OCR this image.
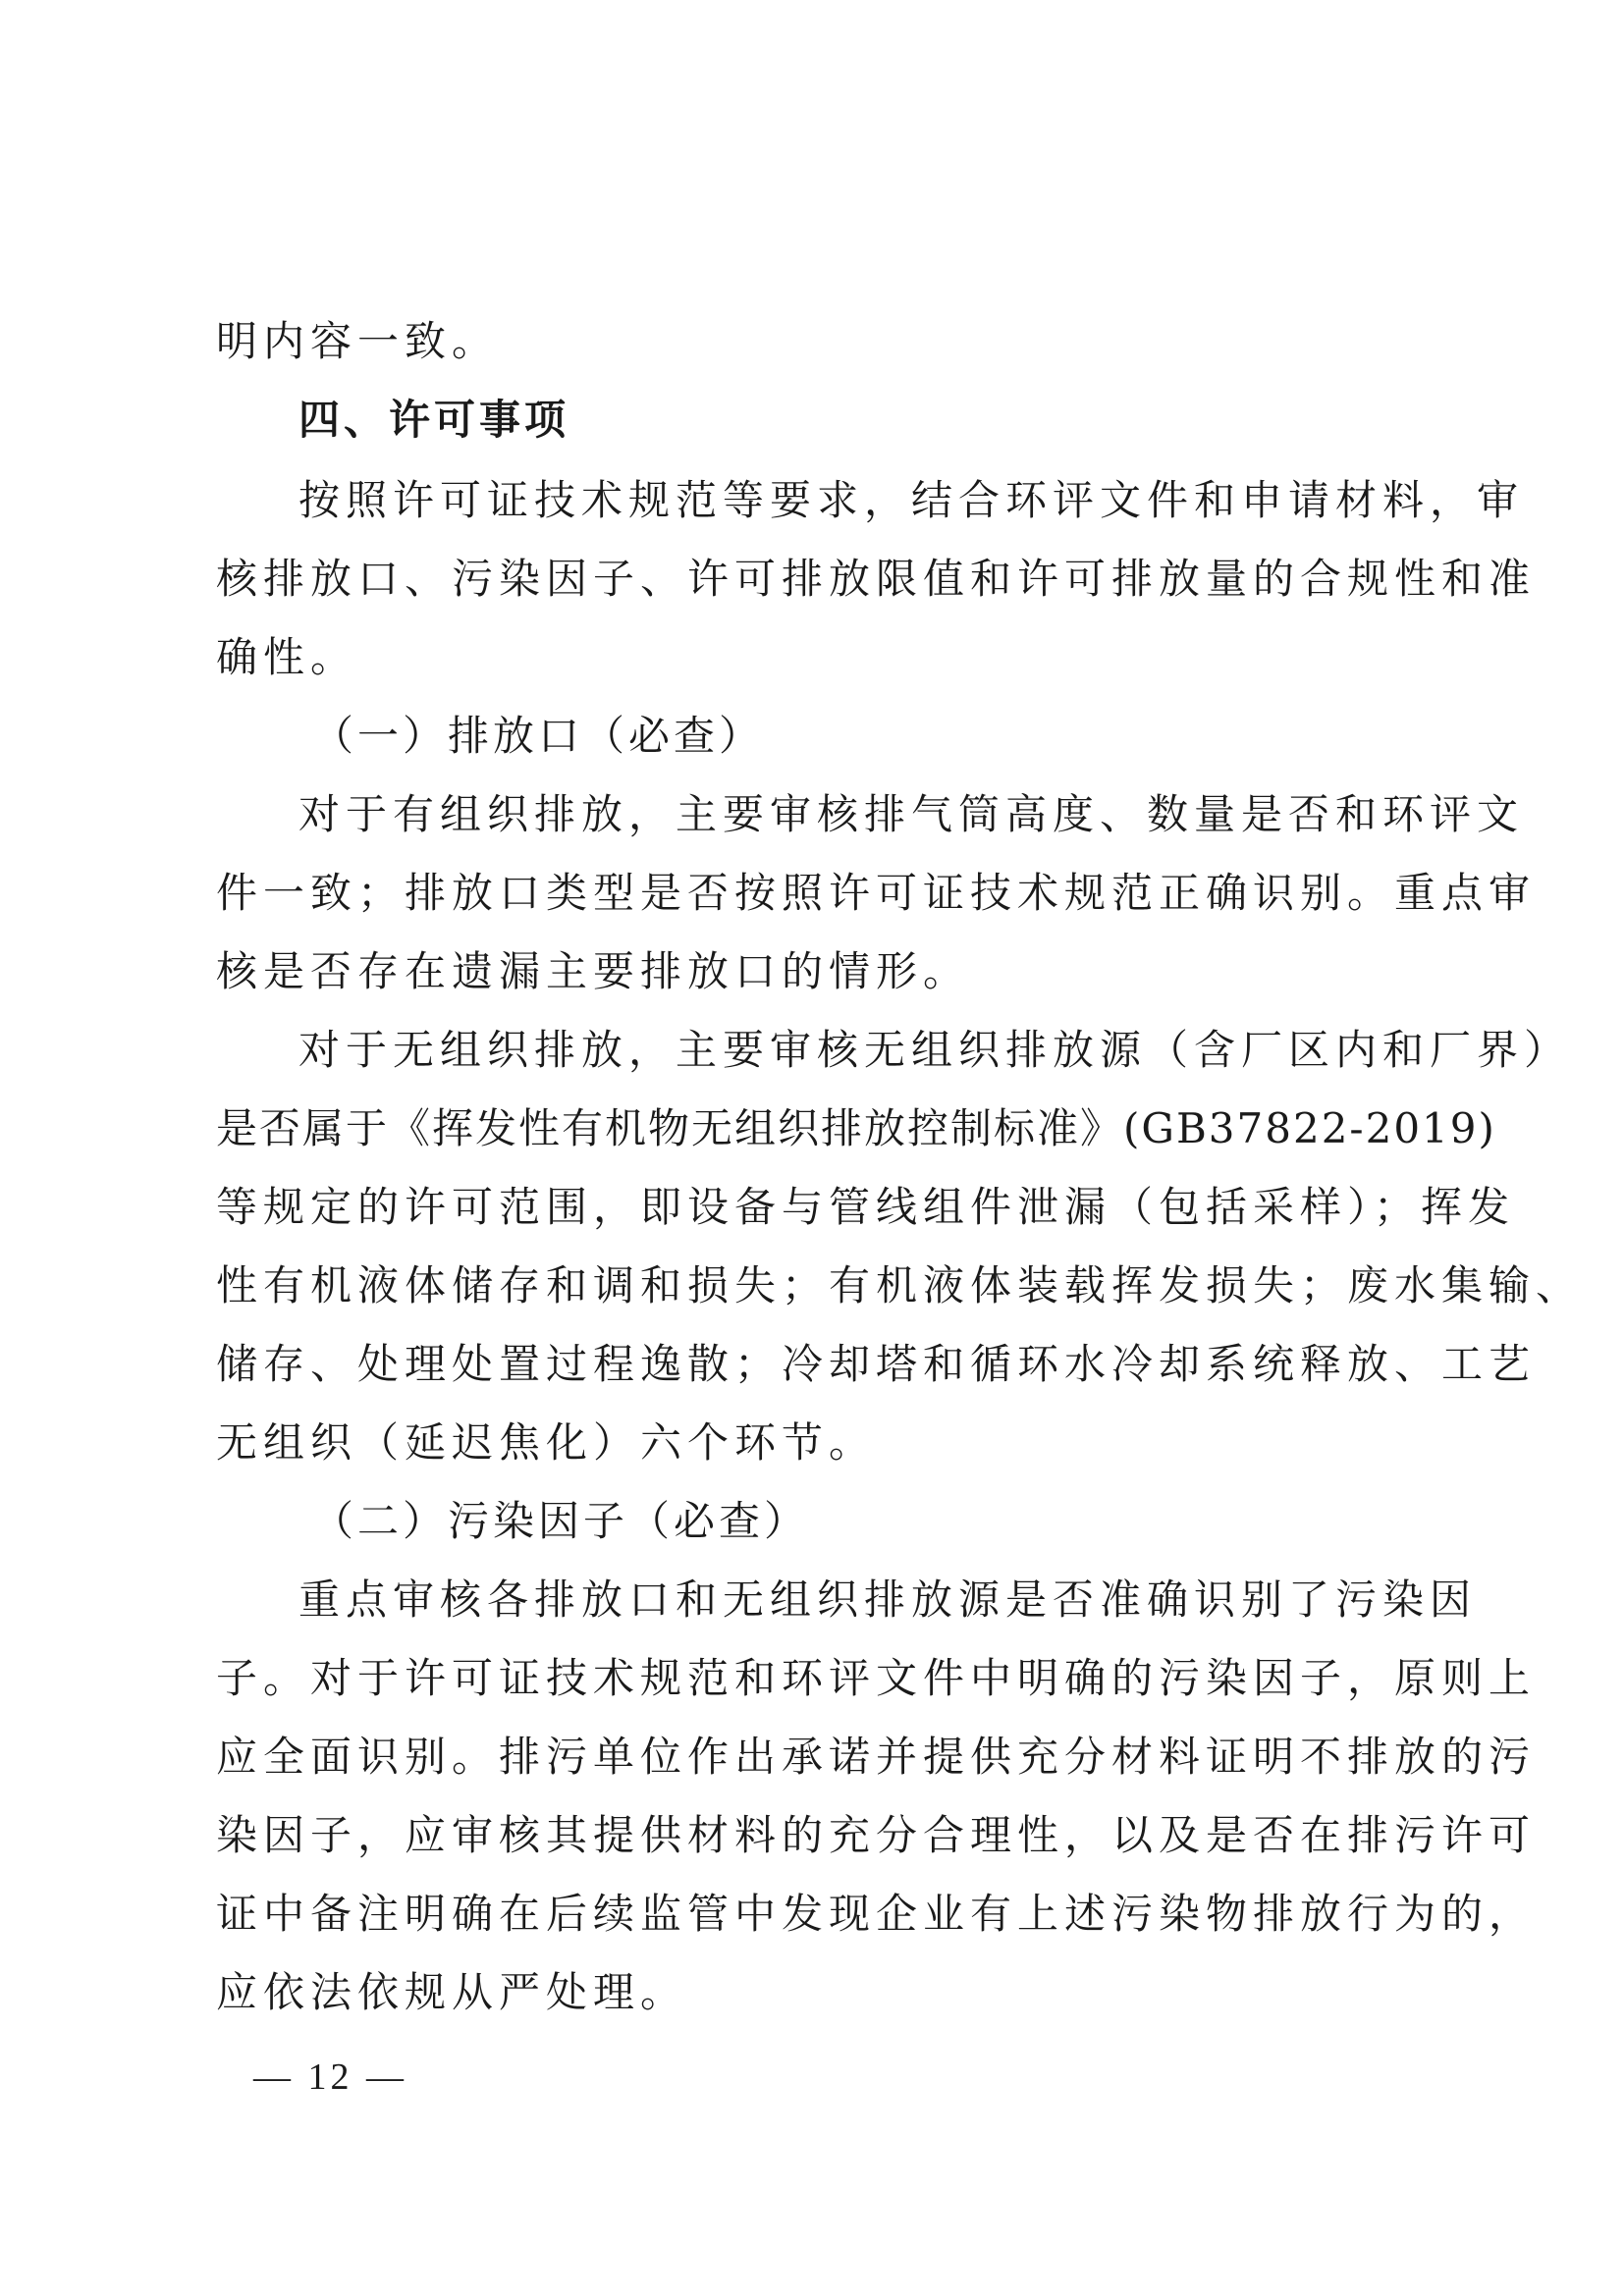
明内容一致。
四、许可事项
按照许可证技术规范等要求，结合环评文件和申请材料，审
核排放口、污染因子、许可排放限值和许可排放量的合规性和准
确性。
（一）排放口（必查）
对于有组织排放，主要审核排气筒高度、数量是否和环评文
件一致；排放口类型是否按照许可证技术规范正确识别。重点审
核是否存在遗漏主要排放口的情形。
对于无组织排放，主要审核无组织排放源（含厂区内和厂界）
是否属于《挥发性有机物无组织排放控制标准》(GB37822-2019)
等规定的许可范围，即设备与管线组件泄漏（包括采样）；挥发
性有机液体储存和调和损失；有机液体装载挥发损失；废水集输、
储存、处理处置过程逸散；冷却塔和循环水冷却系统释放、工艺
无组织（延迟焦化）六个环节。
（二）污染因子（必查）
重点审核各排放口和无组织排放源是否准确识别了污染因
子。对于许可证技术规范和环评文件中明确的污染因子，原则上
应全面识别。排污单位作出承诺并提供充分材料证明不排放的污
染因子，应审核其提供材料的充分合理性，以及是否在排污许可
证中备注明确在后续监管中发现企业有上述污染物排放行为的，
应依法依规从严处理。
— 12 —
